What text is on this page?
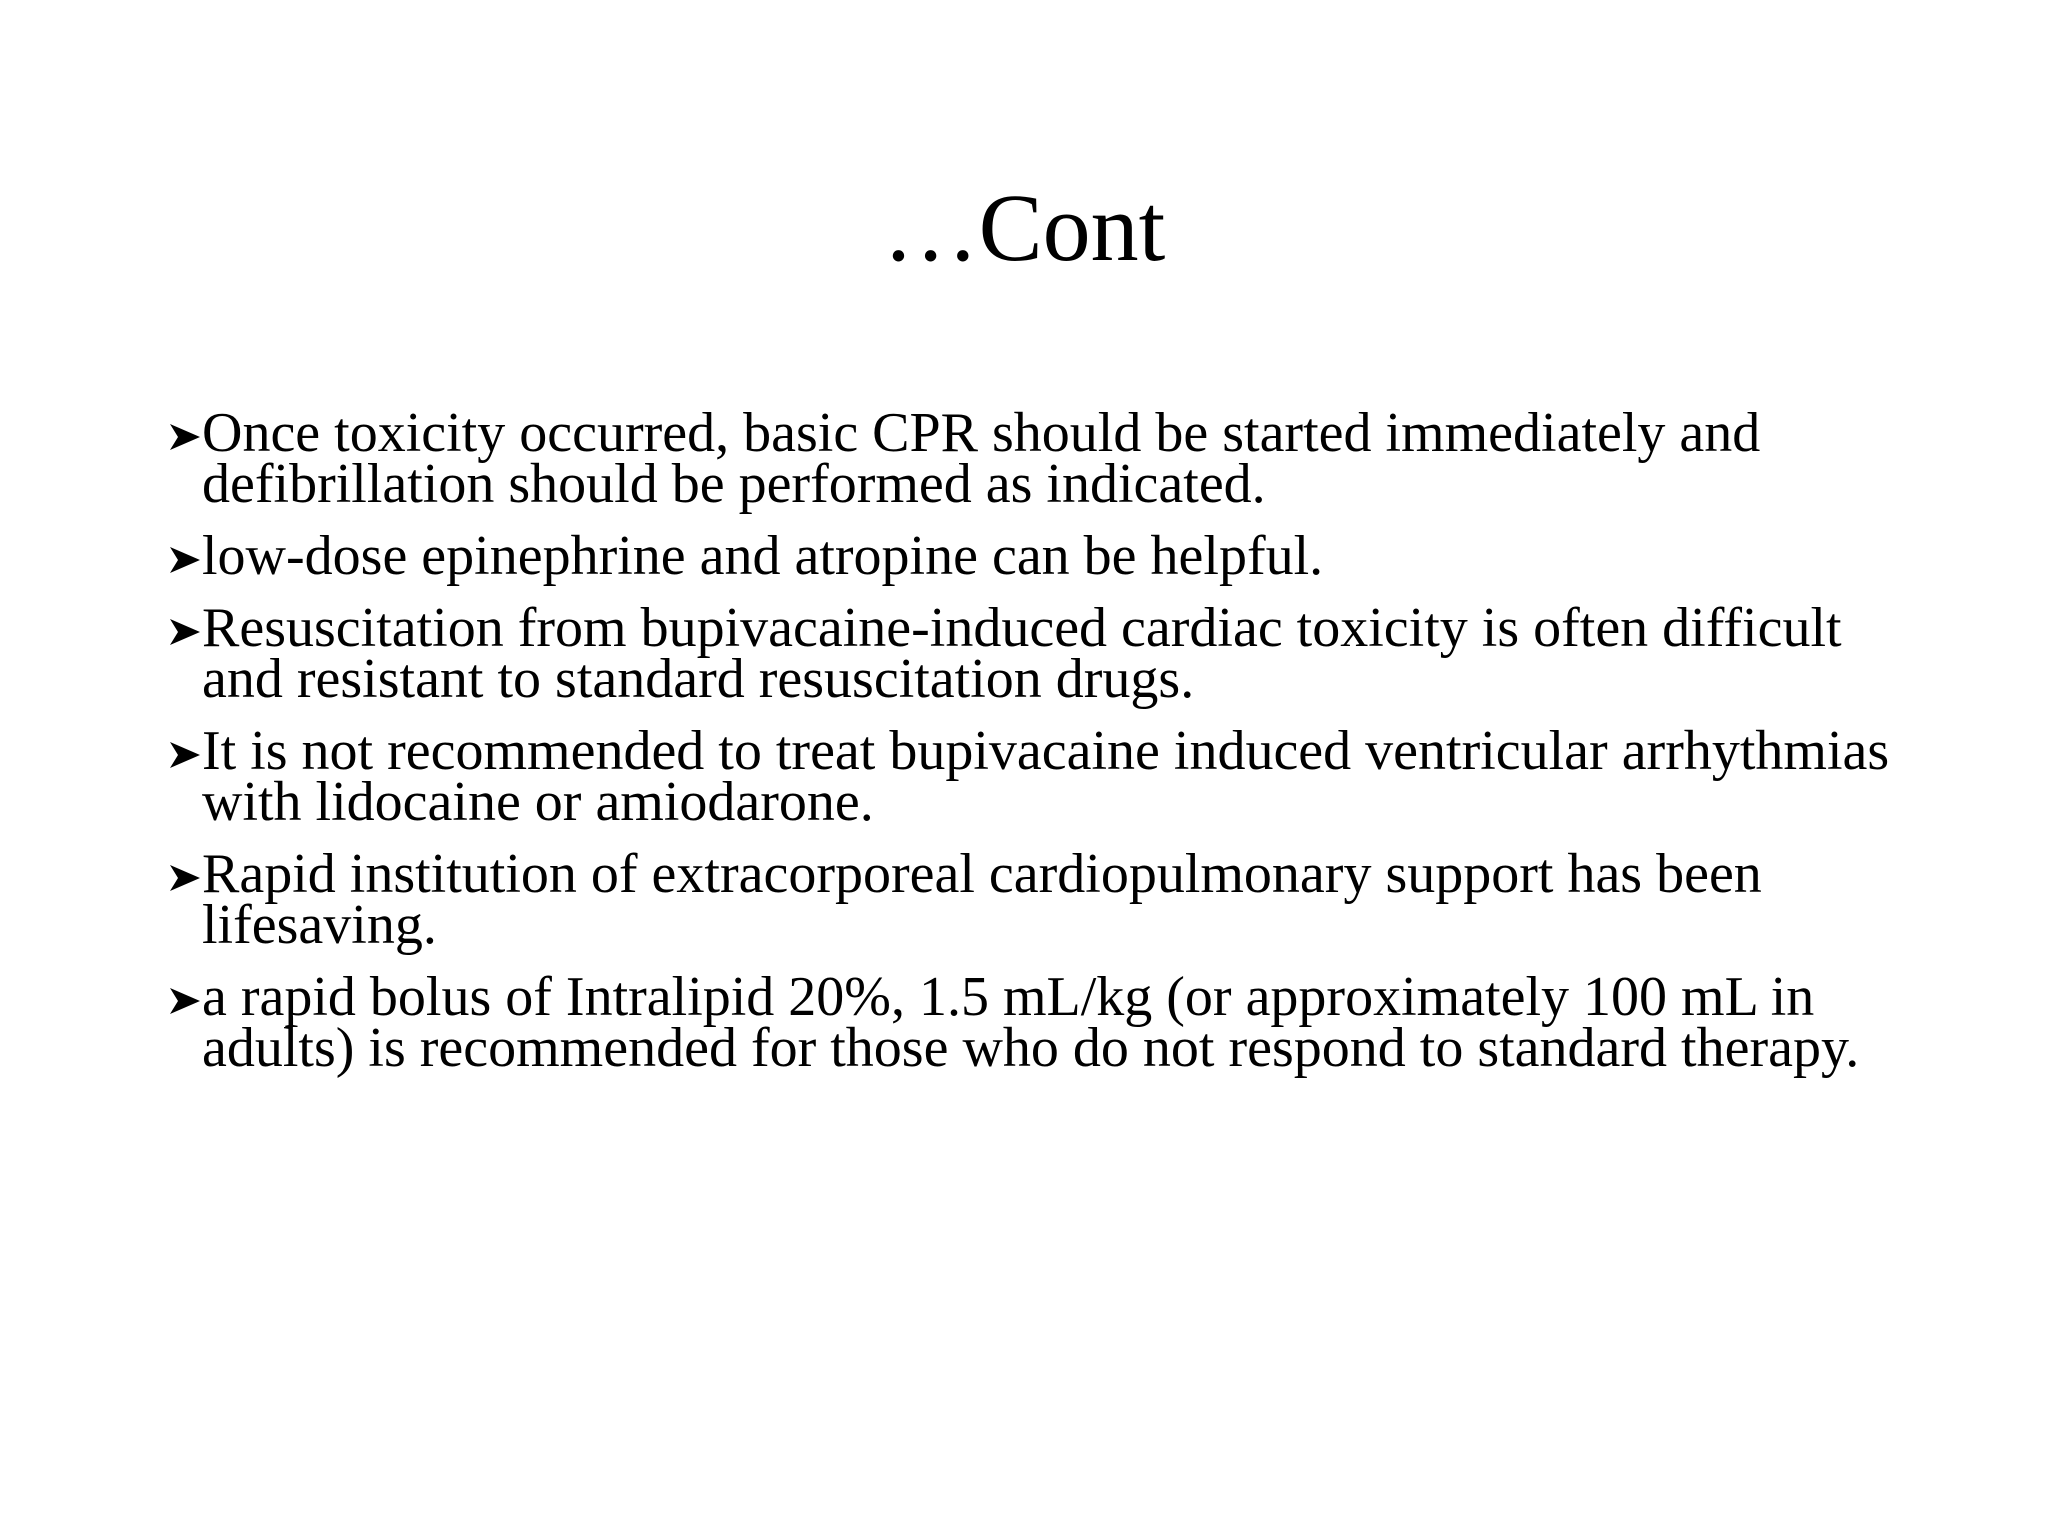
…Cont
Once toxicity occurred, basic CPR should be started immediately and defibrillation should be performed as indicated.
low-dose epinephrine and atropine can be helpful.
Resuscitation from bupivacaine-induced cardiac toxicity is often difficult and resistant to standard resuscitation drugs.
It is not recommended to treat bupivacaine induced ventricular arrhythmias with lidocaine or amiodarone.
Rapid institution of extracorporeal cardiopulmonary support has been lifesaving.
a rapid bolus of Intralipid 20%, 1.5 mL/kg (or approximately 100 mL in adults) is recommended for those who do not respond to standard therapy.
